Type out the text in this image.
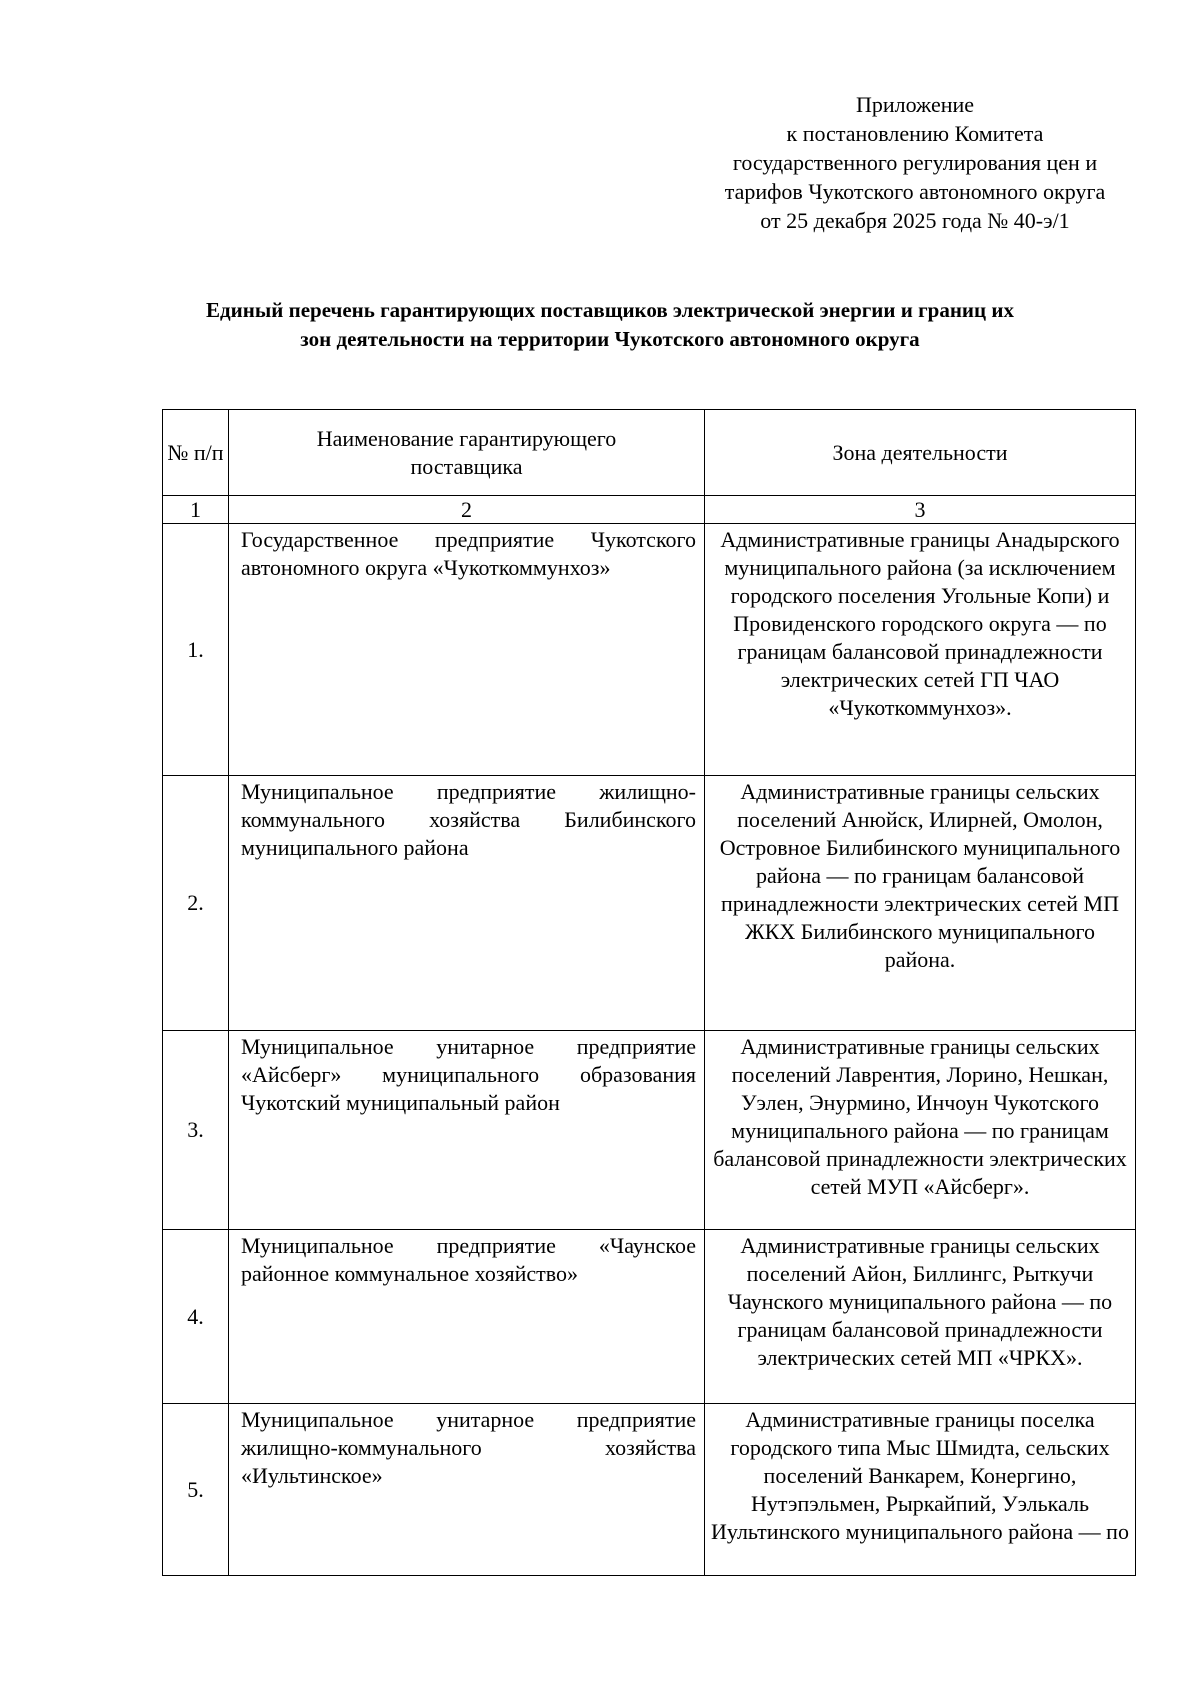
Приложение
к постановлению Комитета
государственного регулирования цен и
тарифов Чукотского автономного округа
от 25 декабря 2025 года № 40-э/1
Единый перечень гарантирующих поставщиков электрической энергии и границ их
зон деятельности на территории Чукотского автономного округа
№ п/п	Наименование гарантирующего поставщика	Зона деятельности
1	2	3
1.	Государственное предприятие Чукотского автономного округа «Чукоткоммунхоз»	Административные границы Анадырского муниципального района (за исключением городского поселения Угольные Копи) и Провиденского городского округа — по границам балансовой принадлежности электрических сетей ГП ЧАО «Чукоткоммунхоз».
2.	Муниципальное предприятие жилищно-коммунального хозяйства Билибинского муниципального района	Административные границы сельских поселений Анюйск, Илирней, Омолон, Островное Билибинского муниципального района — по границам балансовой принадлежности электрических сетей МП ЖКХ Билибинского муниципального района.
3.	Муниципальное унитарное предприятие «Айсберг» муниципального образования Чукотский муниципальный район	Административные границы сельских поселений Лаврентия, Лорино, Нешкан, Уэлен, Энурмино, Инчоун Чукотского муниципального района — по границам балансовой принадлежности электрических сетей МУП «Айсберг».
4.	Муниципальное предприятие «Чаунское районное коммунальное хозяйство»	Административные границы сельских поселений Айон, Биллингс, Рыткучи Чаунского муниципального района — по границам балансовой принадлежности электрических сетей МП «ЧРКХ».
5.	Муниципальное унитарное предприятие жилищно-коммунального хозяйства «Иультинское»	Административные границы поселка городского типа Мыс Шмидта, сельских поселений Ванкарем, Конергино, Нутэпэльмен, Рыркайпий, Уэлькаль Иультинского муниципального района — по
